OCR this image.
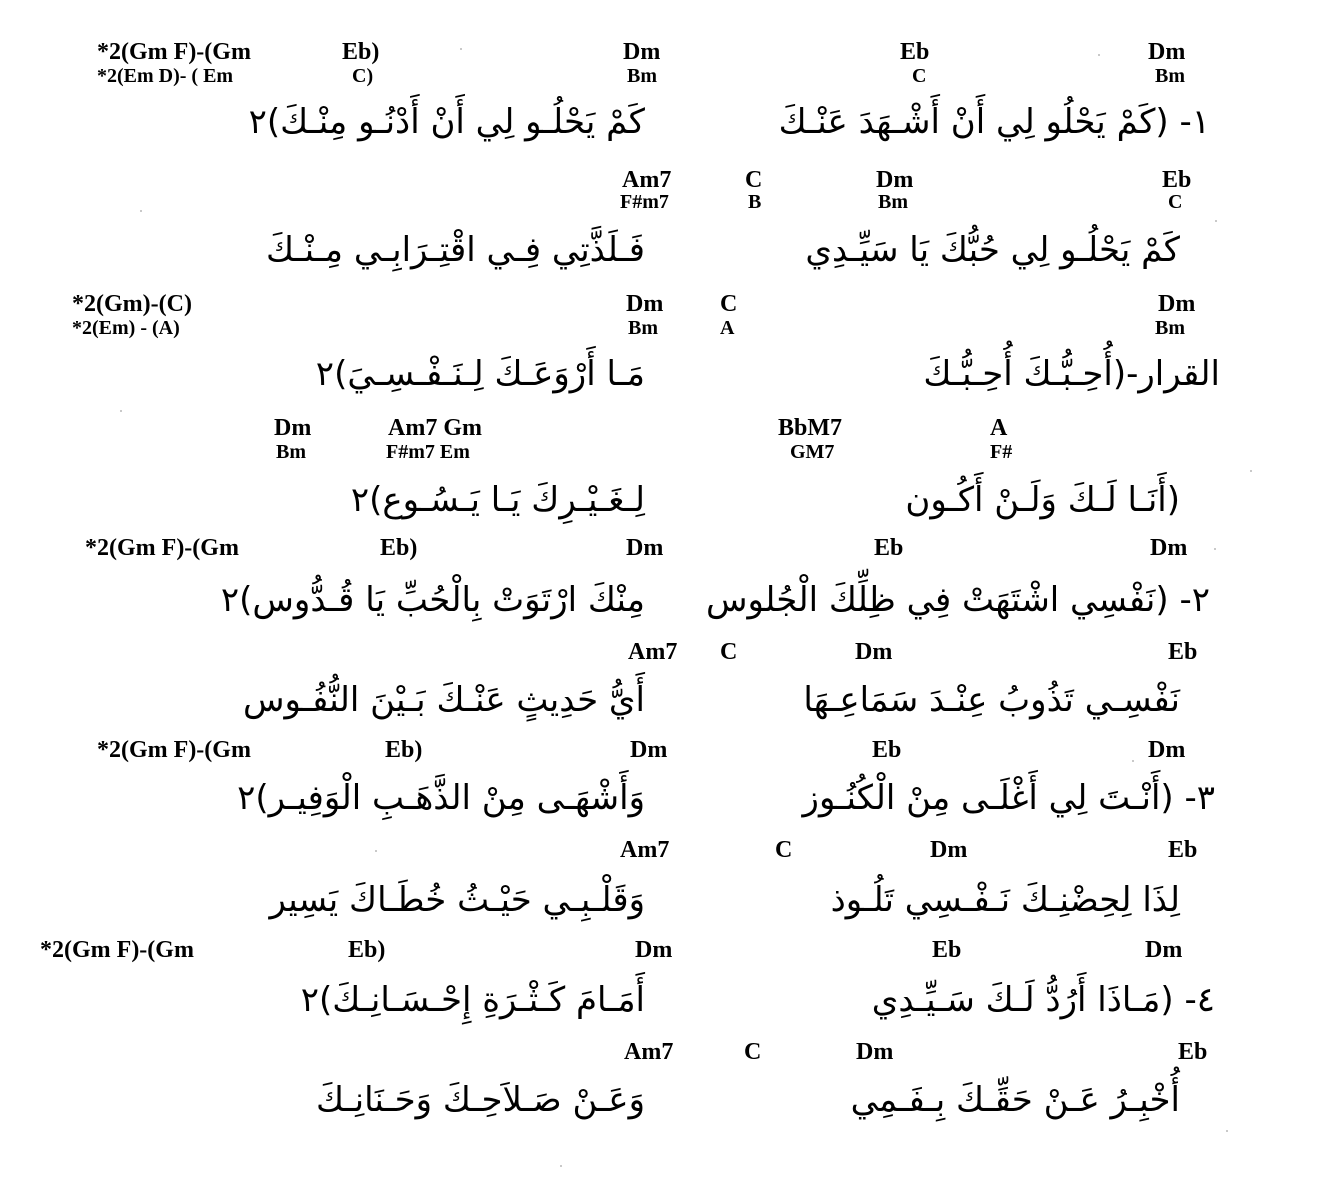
*2(Gm F)-(Gm	Eb)	Dm	Eb	Dm
*2(Em D)- ( Em	C)	Bm	C	Bm
١- (كَمْ يَحْلُو لِي أَنْ أَشْـهَدَ عَنْـكَ
كَمْ يَحْلُـو لِي أَنْ أَدْنُـو مِنْـكَ)٢
Am7	C	Dm	Eb
F#m7	B	Bm	C
كَمْ يَحْلُـو لِي حُبُّكَ يَا سَيِّـدِي
فَـلَذَّتِي فِـي اقْتِـرَابِـي مِـنْـكَ
*2(Gm)-(C)	Dm C	Dm
*2(Em) - (A)	Bm	A	Bm
القرار-(أُحِـبُّـكَ أُحِـبُّـكَ
مَـا أَرْوَعَـكَ لِـنَـفْـسِـيَ)٢
Dm	Am7 Gm	BbM7	A
Bm	F#m7 Em	GM7	F#
(أَنَـا لَـكَ وَلَـنْ أَكُـون
لِـغَـيْـرِكَ يَـا يَـسُـوع)٢
*2(Gm F)-(Gm	Eb)	Dm	Eb	Dm
٢- (نَفْسِي اشْتَهَتْ فِي ظِلِّكَ الْجُلوس
مِنْكَ ارْتَوَتْ بِالْحُبِّ يَا قُـدُّوس)٢
Am7 C	Dm	Eb
نَفْسِـي تَذُوبُ عِنْـدَ سَمَاعِـهَا
أَيُّ حَدِيثٍ عَنْـكَ بَـيْنَ النُّفُـوس
*2(Gm F)-(Gm	Eb)	Dm	Eb	Dm
٣- (أَنْـتَ لِي أَغْلَـى مِنْ الْكُنُـوز
وَأَشْهَـى مِنْ الذَّهَـبِ الْوَفِيـر)٢
Am7	C	Dm	Eb
لِذَا لِحِضْنِـكَ نَـفْـسِي تَلُـوذ
وَقَلْـبِـي حَيْـثُ خُطَـاكَ يَسِير
*2(Gm F)-(Gm	Eb)	Dm	Eb	Dm
٤- (مَـاذَا أَرُدُّ لَـكَ سَـيِّـدِي
أَمَـامَ كَـثْـرَةِ إِحْـسَـانِـكَ)٢
Am7	C	Dm	Eb
أُخْبِـرُ عَـنْ حَقِّـكَ بِـفَـمِي
وَعَـنْ صَـلاَحِـكَ وَحَـنَانِـكَ
